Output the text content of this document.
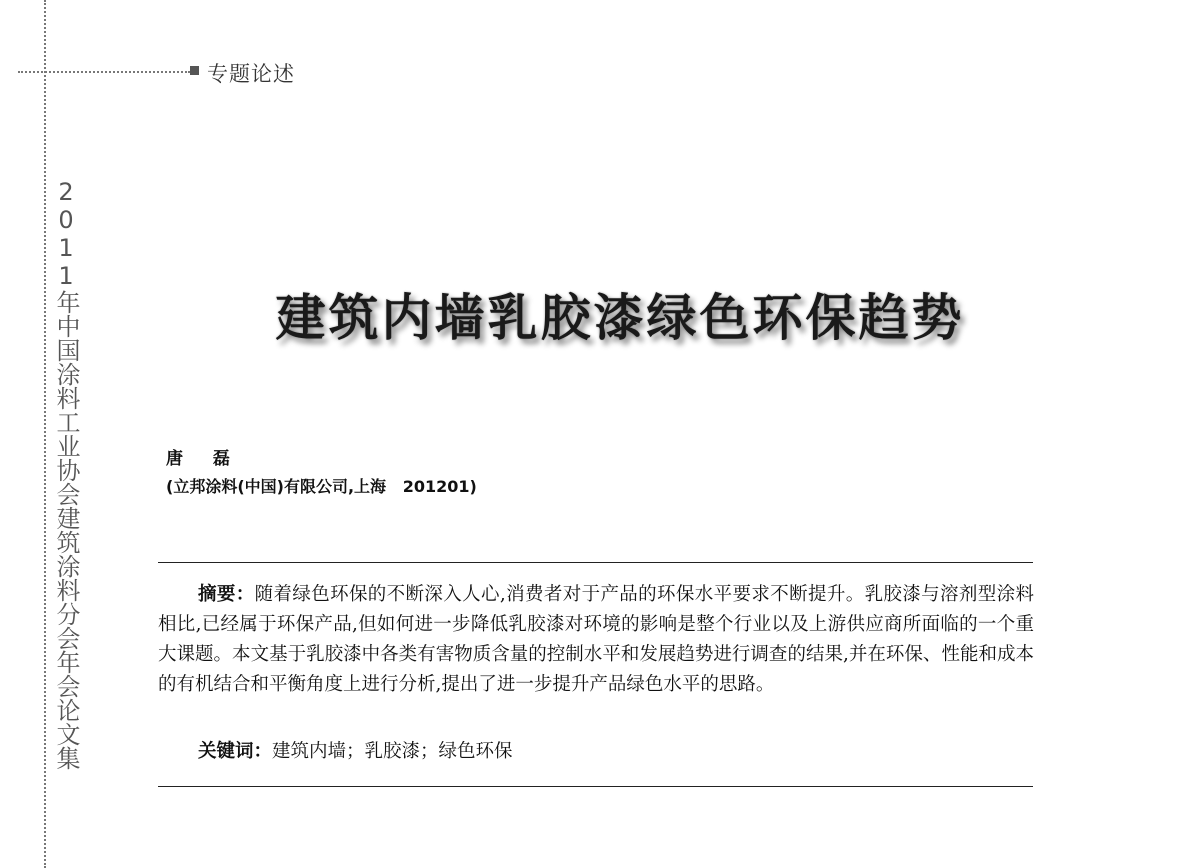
专题论述
2011年中国涂料工业协会建筑涂料分会年会论文集	建筑内墙乳胶漆绿色环保趋势
唐 磊
(立邦涂料(中国)有限公司,上海   201201)

摘要：随着绿色环保的不断深入人心,消费者对于产品的环保水平要求不断提升。乳胶漆与溶剂型涂料相比,已经属于环保产品,但如何进一步降低乳胶漆对环境的影响是整个行业以及上游供应商所面临的一个重大课题。本文基于乳胶漆中各类有害物质含量的控制水平和发展趋势进行调查的结果,并在环保、性能和成本的有机结合和平衡角度上进行分析,提出了进一步提升产品绿色水平的思路。

关键词：建筑内墙；乳胶漆；绿色环保
